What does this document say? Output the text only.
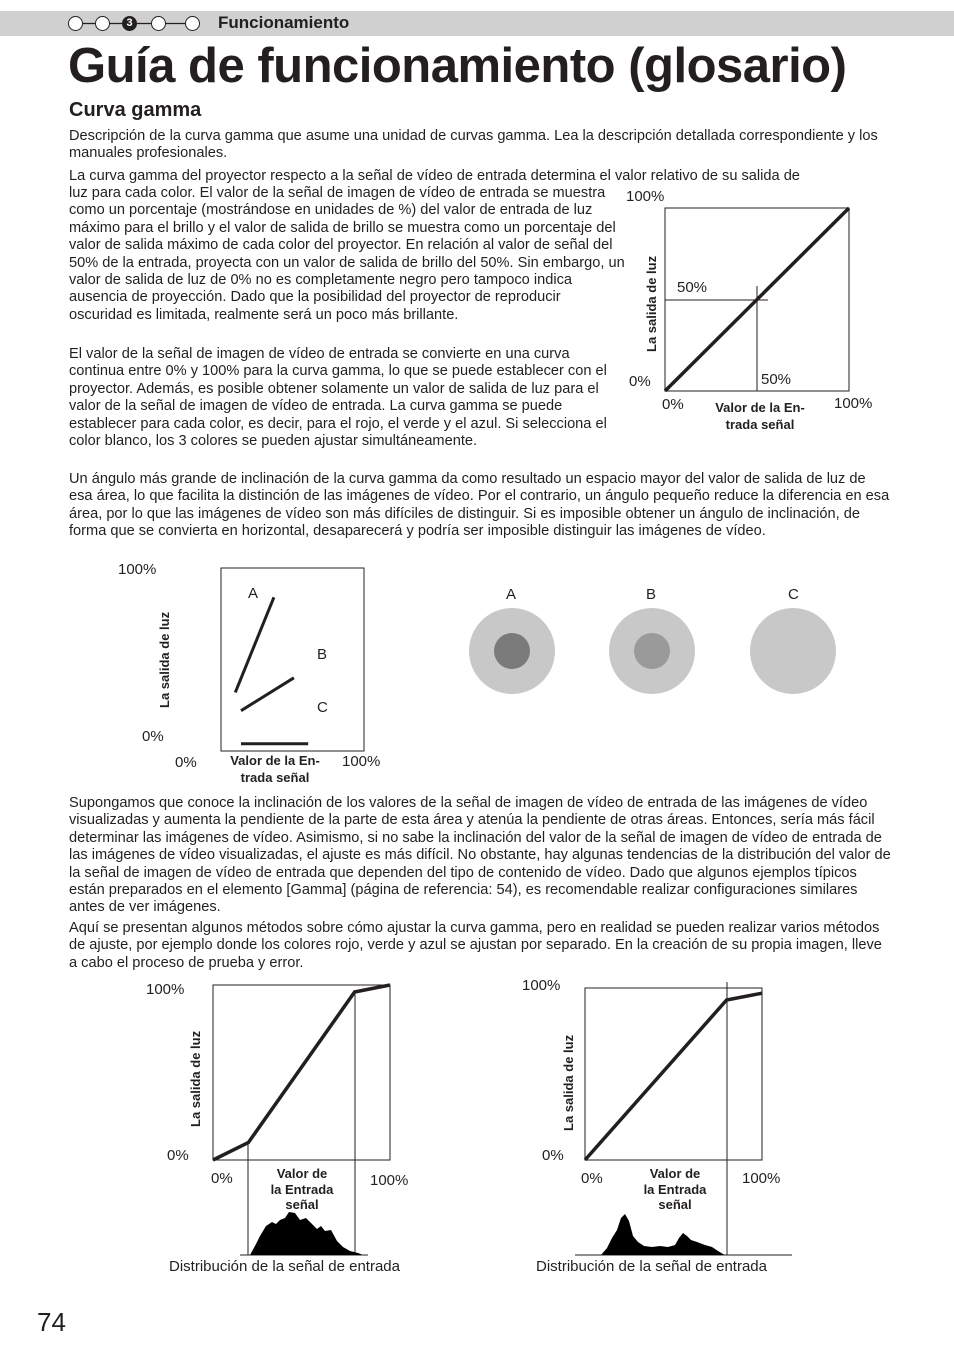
3	Funcionamiento
Guía de funcionamiento (glosario)
Curva gamma
Descripción de la curva gamma que asume una unidad de curvas gamma. Lea la descripción detallada correspondiente y los manuales profesionales.
La curva gamma del proyector respecto a la señal de vídeo de entrada determina el valor relativo de su salida de
luz para cada color. El valor de la señal de imagen de vídeo de entrada se muestra como un porcentaje (mostrándose en unidades de %) del valor de entrada de luz máximo para el brillo y el valor de salida de brillo se muestra como un porcentaje del valor de salida máximo de cada color del proyector. En relación al valor de señal del 50% de la entrada, proyecta con un valor de salida de brillo del 50%. Sin embargo, un valor de salida de luz de 0% no es completamente negro pero tampoco indica ausencia de proyección. Dado que la posibilidad del proyector de reproducir oscuridad es limitada, realmente será un poco más brillante.
El valor de la señal de imagen de vídeo de entrada se convierte en una curva continua entre 0% y 100% para la curva gamma, lo que se puede establecer con el proyector. Además, es posible obtener solamente un valor de salida de luz para el valor de la señal de imagen de vídeo de entrada. La curva gamma se puede establecer para cada color, es decir, para el rojo, el verde y el azul. Si selecciona el color blanco, los 3 colores se pueden ajustar simultáneamente.
Un ángulo más grande de inclinación de la curva gamma da como resultado un espacio mayor del valor de salida de luz de esa área, lo que facilita la distinción de las imágenes de vídeo. Por el contrario, un ángulo pequeño reduce la diferencia en esa área, por lo que las imágenes de vídeo son más difíciles de distinguir. Si es imposible obtener un ángulo de inclinación, de forma que se convierta en horizontal, desaparecerá y podría ser imposible distinguir las imágenes de vídeo.
Supongamos que conoce la inclinación de los valores de la señal de imagen de vídeo de entrada de las imágenes de vídeo visualizadas y aumenta la pendiente de la parte de esta área y atenúa la pendiente de otras áreas. Entonces, sería más fácil determinar las imágenes de vídeo. Asimismo, si no sabe la inclinación del valor de la señal de imagen de vídeo de entrada de las imágenes de vídeo visualizadas, el ajuste es más difícil. No obstante, hay algunas tendencias de la distribución del valor de la señal de imagen de vídeo de entrada que dependen del tipo de contenido de vídeo. Dado que algunos ejemplos típicos están preparados en el elemento [Gamma] (página de referencia: 54), es recomendable realizar configuraciones similares antes de ver imágenes.
Aquí se presentan algunos métodos sobre cómo ajustar la curva gamma, pero en realidad se pueden realizar varios métodos de ajuste, por ejemplo donde los colores rojo, verde y azul se ajustan por separado. En la creación de su propia imagen, lleve a cabo el proceso de prueba y error.
100%
50%
0%	50%
0%	100%
La salida de luz
Valor de la En-
trada señal
100%
0%
0%	100%
A
B
C
La salida de luz
Valor de la En-
trada señal
A	B	C
100%
0%
0%	100%
La salida de luz
Valor de
la Entrada
señal
Distribución de la señal de entrada
100%
0%
0%	100%
La salida de luz
Valor de
la Entrada
señal
Distribución de la señal de entrada
74
